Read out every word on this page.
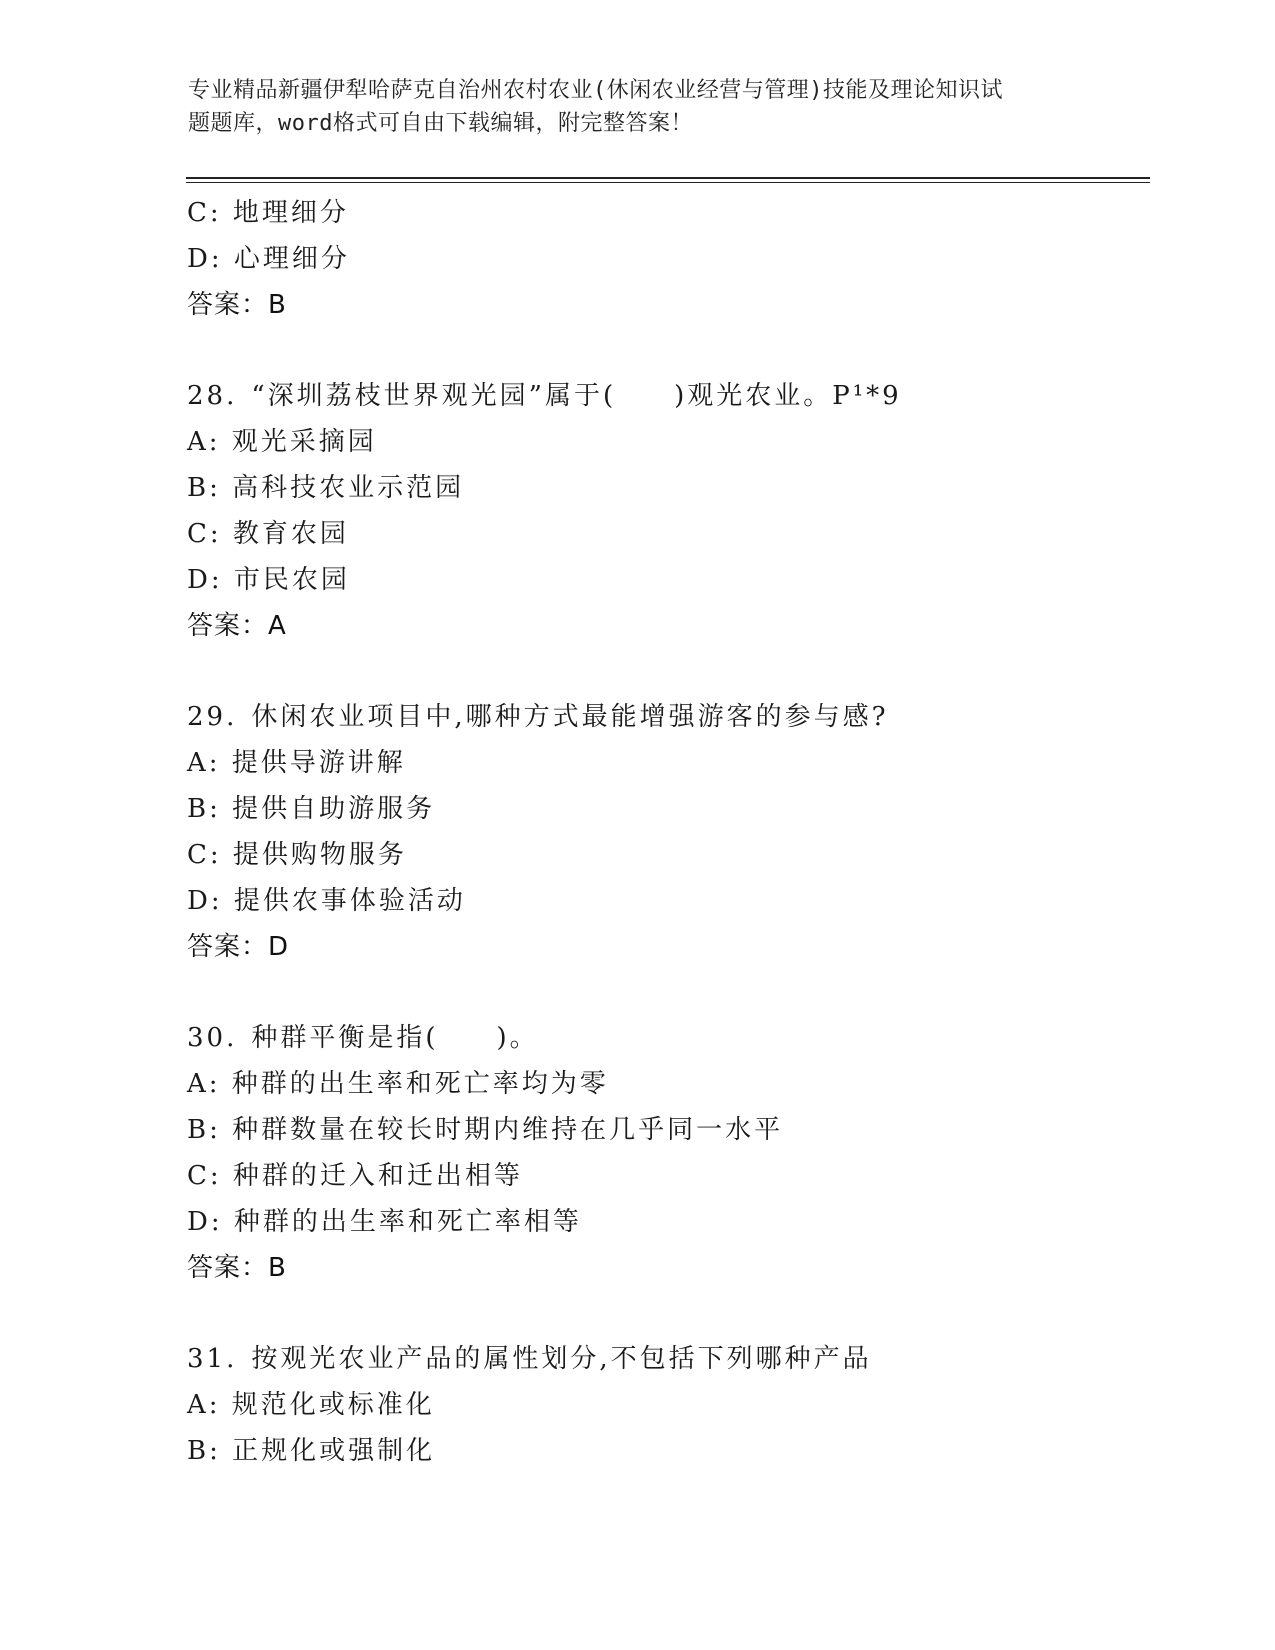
专业精品新疆伊犁哈萨克自治州农村农业(休闲农业经营与管理)技能及理论知识试
题题库，word格式可自由下载编辑，附完整答案！
C: 地理细分
D: 心理细分
答案：B
28. “深圳荔枝世界观光园”属于(　　)观光农业。P¹*9
A: 观光采摘园
B: 高科技农业示范园
C: 教育农园
D: 市民农园
答案：A
29. 休闲农业项目中,哪种方式最能增强游客的参与感?
A: 提供导游讲解
B: 提供自助游服务
C: 提供购物服务
D: 提供农事体验活动
答案：D
30. 种群平衡是指(　　)。
A: 种群的出生率和死亡率均为零
B: 种群数量在较长时期内维持在几乎同一水平
C: 种群的迁入和迁出相等
D: 种群的出生率和死亡率相等
答案：B
31. 按观光农业产品的属性划分,不包括下列哪种产品
A: 规范化或标准化
B: 正规化或强制化
